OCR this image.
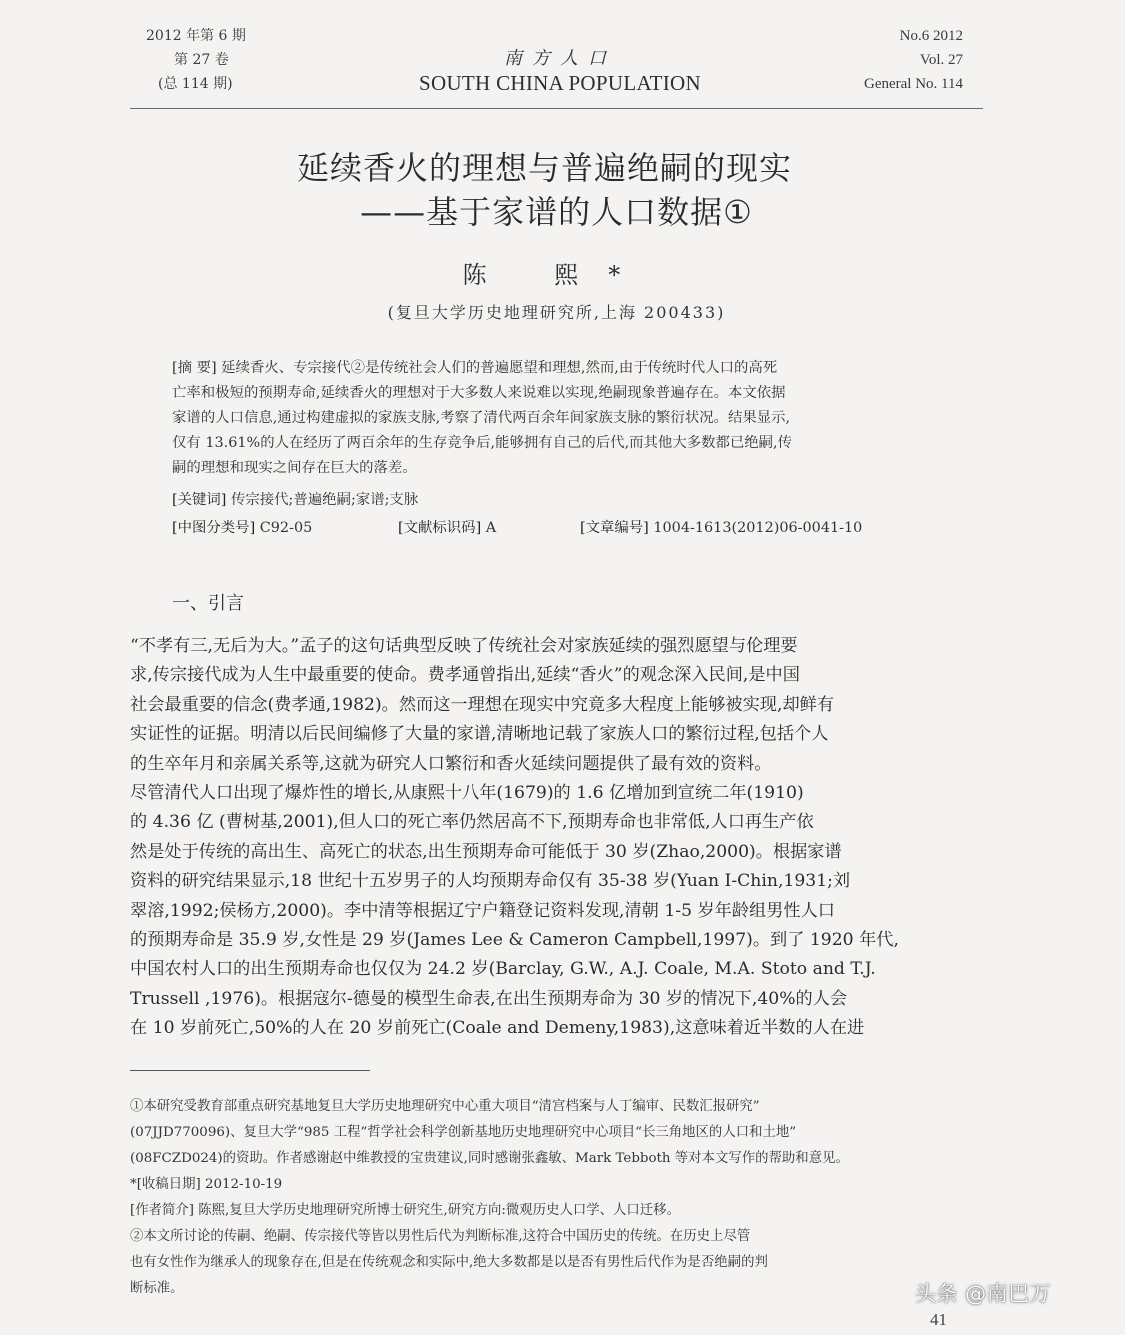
2012 年第 6 期
第 27 卷
(总 114 期)
南方人口
SOUTH CHINA POPULATION
No.6 2012
Vol. 27
General No. 114
延续香火的理想与普遍绝嗣的现实
——基于家谱的人口数据①
陈 熙*
(复旦大学历史地理研究所,上海 200433)
[摘 要] 延续香火、专宗接代②是传统社会人们的普遍愿望和理想,然而,由于传统时代人口的高死
亡率和极短的预期寿命,延续香火的理想对于大多数人来说难以实现,绝嗣现象普遍存在。本文依据
家谱的人口信息,通过构建虚拟的家族支脉,考察了清代两百余年间家族支脉的繁衍状况。结果显示,
仅有 13.61%的人在经历了两百余年的生存竞争后,能够拥有自己的后代,而其他大多数都已绝嗣,传
嗣的理想和现实之间存在巨大的落差。
[关键词] 传宗接代;普遍绝嗣;家谱;支脉
[中图分类号] C92-05	[文献标识码] A	[文章编号] 1004-1613(2012)06-0041-10
一、引言
“不孝有三,无后为大。”孟子的这句话典型反映了传统社会对家族延续的强烈愿望与伦理要
求,传宗接代成为人生中最重要的使命。费孝通曾指出,延续“香火”的观念深入民间,是中国
社会最重要的信念(费孝通,1982)。然而这一理想在现实中究竟多大程度上能够被实现,却鲜有
实证性的证据。明清以后民间编修了大量的家谱,清晰地记载了家族人口的繁衍过程,包括个人
的生卒年月和亲属关系等,这就为研究人口繁衍和香火延续问题提供了最有效的资料。
尽管清代人口出现了爆炸性的增长,从康熙十八年(1679)的 1.6 亿增加到宣统二年(1910)
的 4.36 亿 (曹树基,2001),但人口的死亡率仍然居高不下,预期寿命也非常低,人口再生产依
然是处于传统的高出生、高死亡的状态,出生预期寿命可能低于 30 岁(Zhao,2000)。根据家谱
资料的研究结果显示,18 世纪十五岁男子的人均预期寿命仅有 35-38 岁(Yuan I-Chin,1931;刘
翠溶,1992;侯杨方,2000)。李中清等根据辽宁户籍登记资料发现,清朝 1-5 岁年龄组男性人口
的预期寿命是 35.9 岁,女性是 29 岁(James Lee & Cameron Campbell,1997)。到了 1920 年代,
中国农村人口的出生预期寿命也仅仅为 24.2 岁(Barclay, G.W., A.J. Coale, M.A. Stoto and T.J.
Trussell ,1976)。根据寇尔-德曼的模型生命表,在出生预期寿命为 30 岁的情况下,40%的人会
在 10 岁前死亡,50%的人在 20 岁前死亡(Coale and Demeny,1983),这意味着近半数的人在进
①本研究受教育部重点研究基地复旦大学历史地理研究中心重大项目“清宫档案与人丁编审、民数汇报研究”
(07JJD770096)、复旦大学“985 工程”哲学社会科学创新基地历史地理研究中心项目“长三角地区的人口和土地”
(08FCZD024)的资助。作者感谢赵中维教授的宝贵建议,同时感谢张鑫敏、Mark Tebboth 等对本文写作的帮助和意见。
*[收稿日期] 2012-10-19
[作者简介] 陈熙,复旦大学历史地理研究所博士研究生,研究方向:微观历史人口学、人口迁移。
②本文所讨论的传嗣、绝嗣、传宗接代等皆以男性后代为判断标准,这符合中国历史的传统。在历史上尽管
也有女性作为继承人的现象存在,但是在传统观念和实际中,绝大多数都是以是否有男性后代作为是否绝嗣的判
断标准。	头条 @南巴万
41
